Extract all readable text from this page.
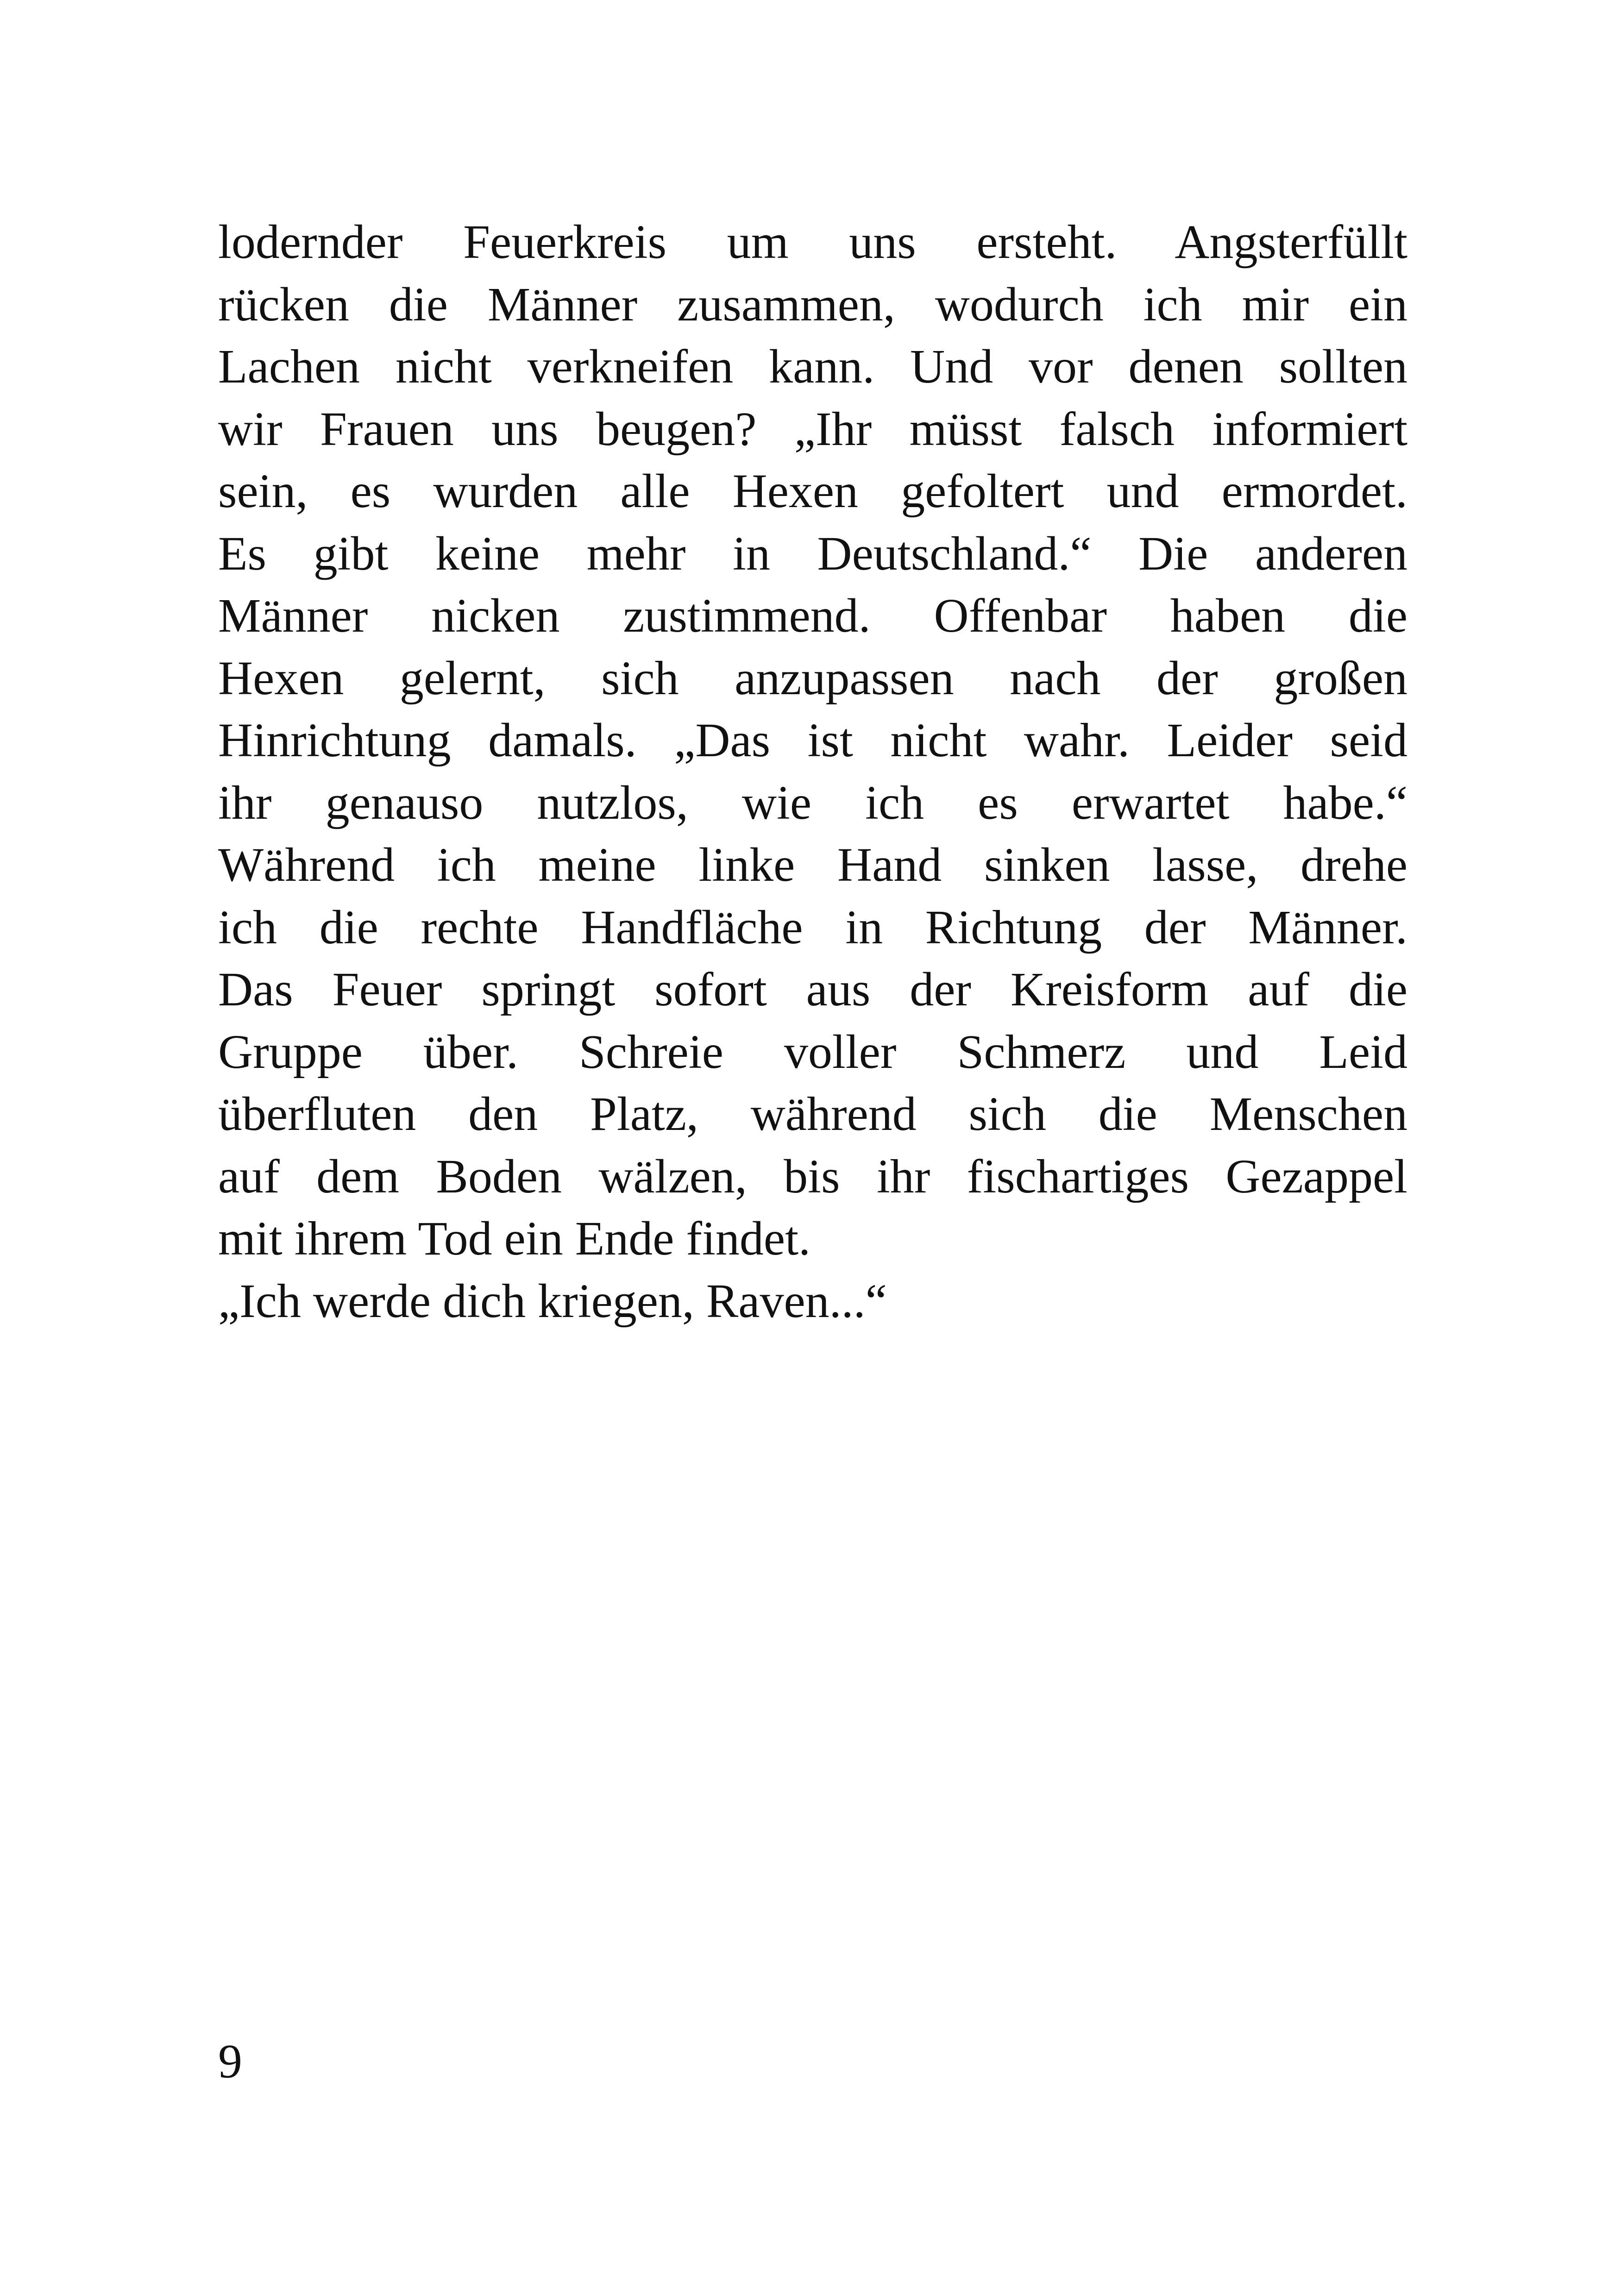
lodernder Feuerkreis um uns ersteht. Angsterfüllt
rücken die Männer zusammen, wodurch ich mir ein
Lachen nicht verkneifen kann. Und vor denen sollten
wir Frauen uns beugen? „Ihr müsst falsch informiert
sein, es wurden alle Hexen gefoltert und ermordet.
Es gibt keine mehr in Deutschland.“ Die anderen
Männer nicken zustimmend. Offenbar haben die
Hexen gelernt, sich anzupassen nach der großen
Hinrichtung damals. „Das ist nicht wahr. Leider seid
ihr genauso nutzlos, wie ich es erwartet habe.“
Während ich meine linke Hand sinken lasse, drehe
ich die rechte Handfläche in Richtung der Männer.
Das Feuer springt sofort aus der Kreisform auf die
Gruppe über. Schreie voller Schmerz und Leid
überfluten den Platz, während sich die Menschen
auf dem Boden wälzen, bis ihr fischartiges Gezappel
mit ihrem Tod ein Ende findet.
„Ich werde dich kriegen, Raven...“
9
